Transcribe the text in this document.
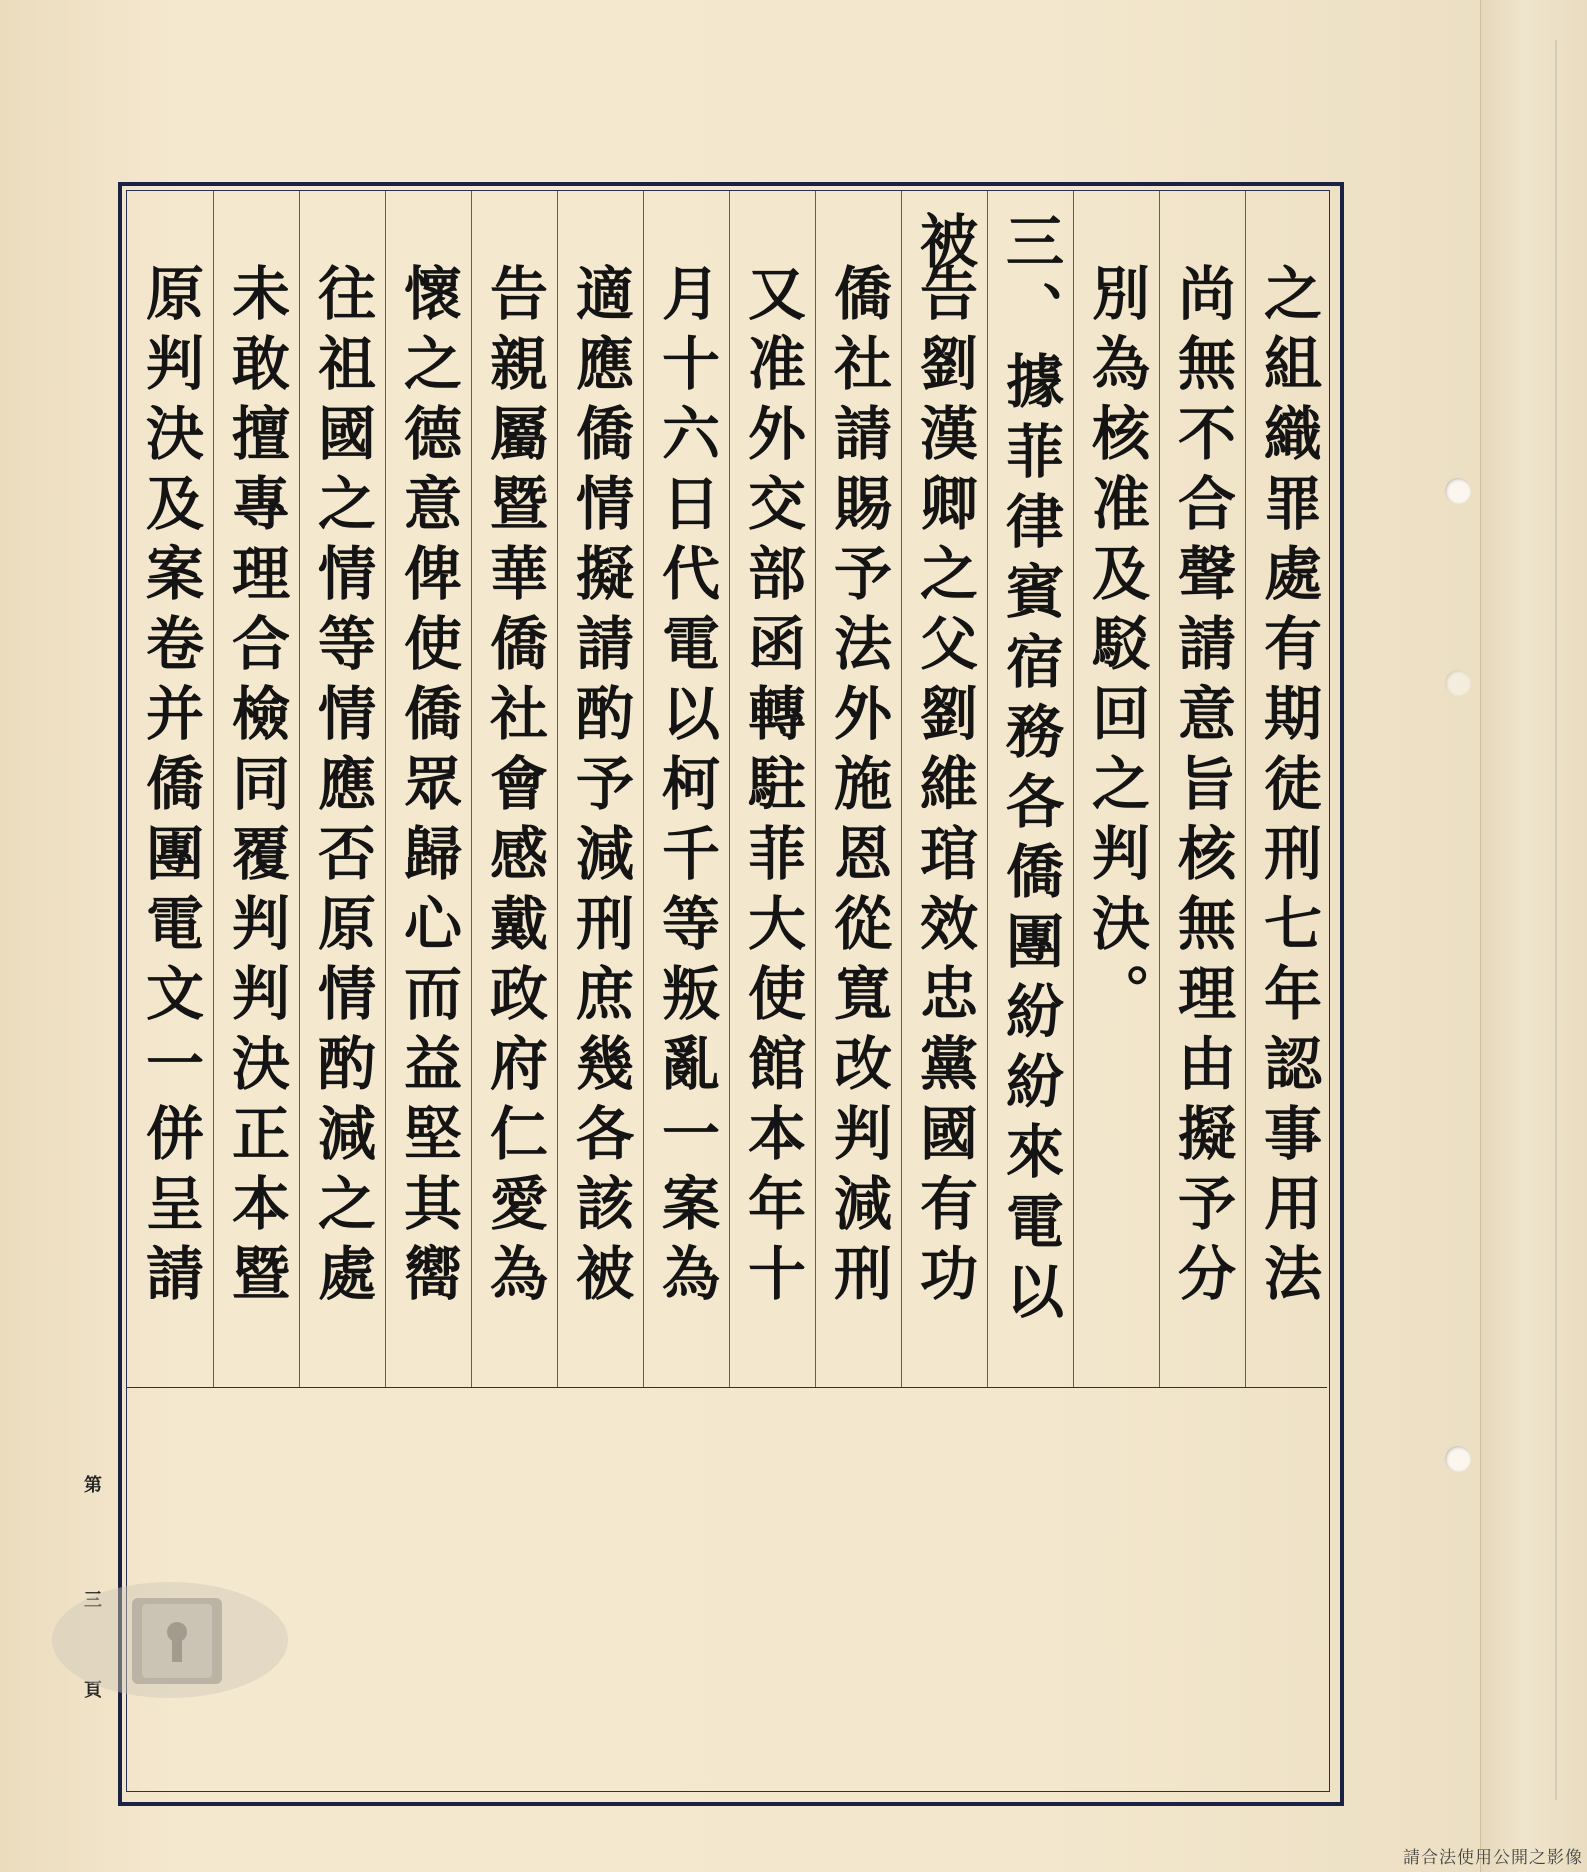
之組織罪處有期徒刑七年認事用法
尚無不合聲請意旨核無理由擬予分
別為核准及駁回之判決。
三、據菲律賓宿務各僑團紛紛來電以被
告劉漢卿之父劉維琯效忠黨國有功
僑社請賜予法外施恩從寬改判減刑
又准外交部函轉駐菲大使館本年十
月十六日代電以柯千等叛亂一案為
適應僑情擬請酌予減刑庶幾各該被
告親屬暨華僑社會感戴政府仁愛為
懷之德意俾使僑眾歸心而益堅其嚮
往祖國之情等情應否原情酌減之處
未敢擅專理合檢同覆判判決正本暨
原判決及案卷并僑團電文一併呈請
第
三
頁
請合法使用公開之影像
